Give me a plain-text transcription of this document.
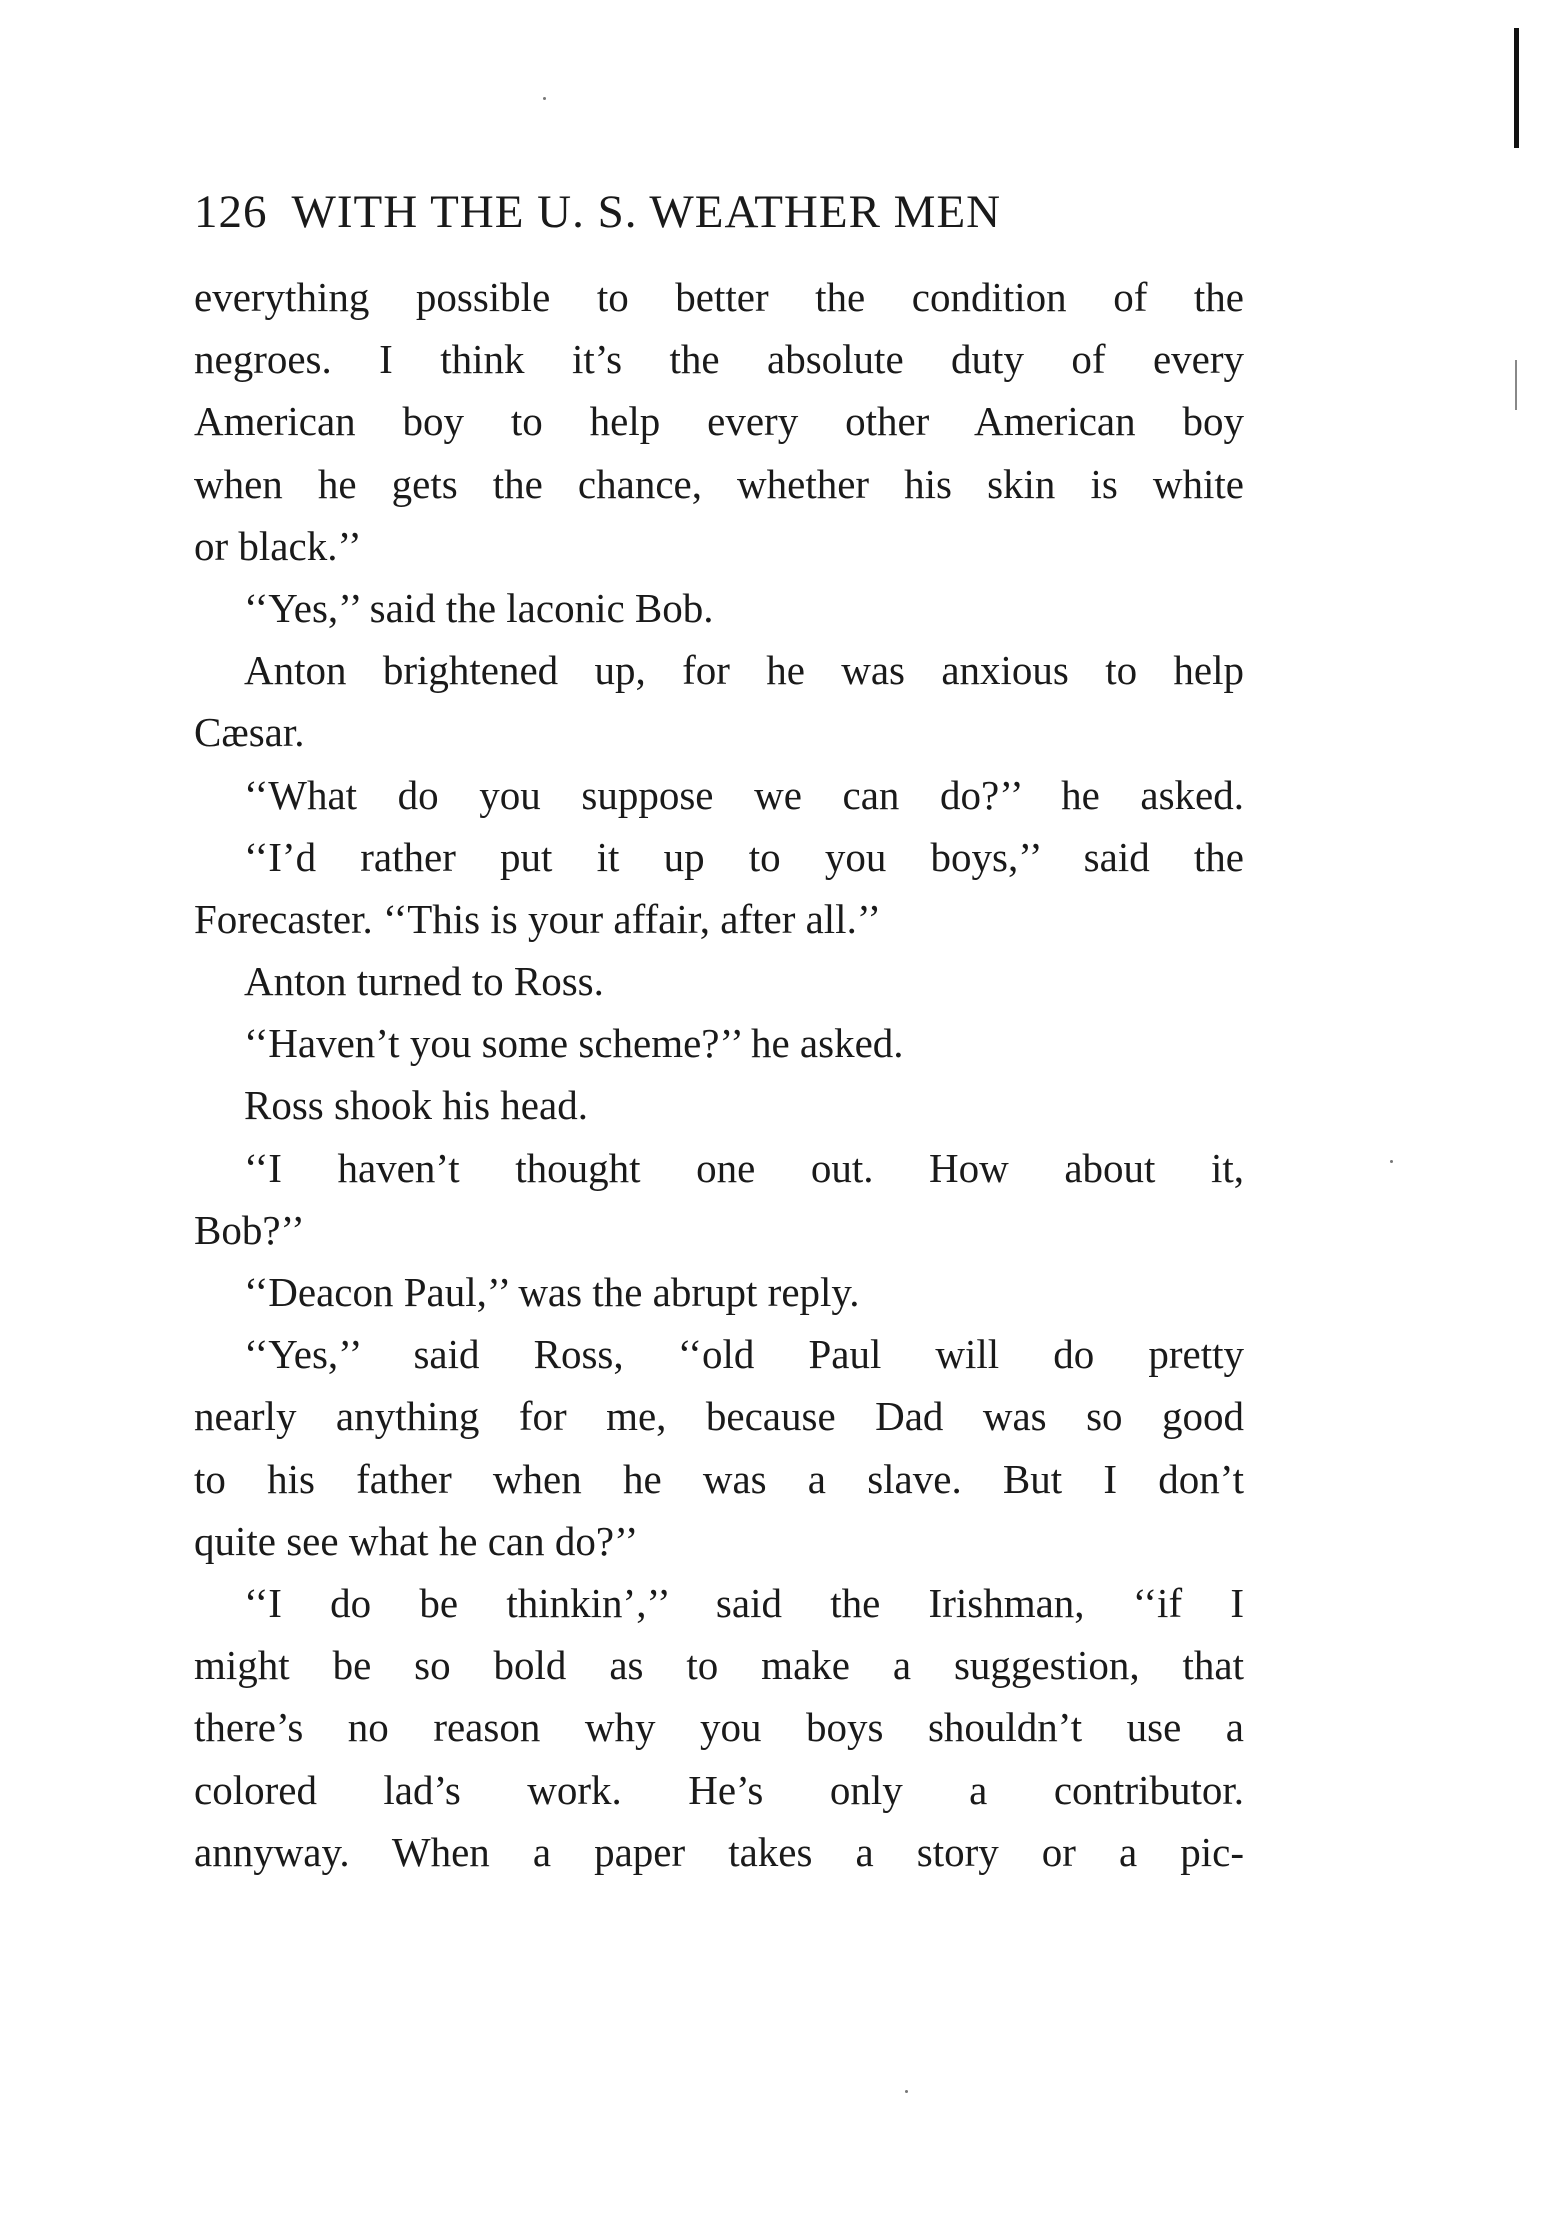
126 WITH THE U. S. WEATHER MEN
everything possible to better the condition of the
negroes. I think it’s the absolute duty of every
American boy to help every other American boy
when he gets the chance, whether his skin is white
or black.’’
‘‘Yes,’’ said the laconic Bob.
Anton brightened up, for he was anxious to help
Cæsar.
‘‘What do you suppose we can do?’’ he asked.
‘‘I’d rather put it up to you boys,’’ said the
Forecaster. ‘‘This is your affair, after all.’’
Anton turned to Ross.
‘‘Haven’t you some scheme?’’ he asked.
Ross shook his head.
‘‘I haven’t thought one out. How about it,
Bob?’’
‘‘Deacon Paul,’’ was the abrupt reply.
‘‘Yes,’’ said Ross, ‘‘old Paul will do pretty
nearly anything for me, because Dad was so good
to his father when he was a slave. But I don’t
quite see what he can do?’’
‘‘I do be thinkin’,’’ said the Irishman, ‘‘if I
might be so bold as to make a suggestion, that
there’s no reason why you boys shouldn’t use a
colored lad’s work. He’s only a contributor.
annyway. When a paper takes a story or a pic-
